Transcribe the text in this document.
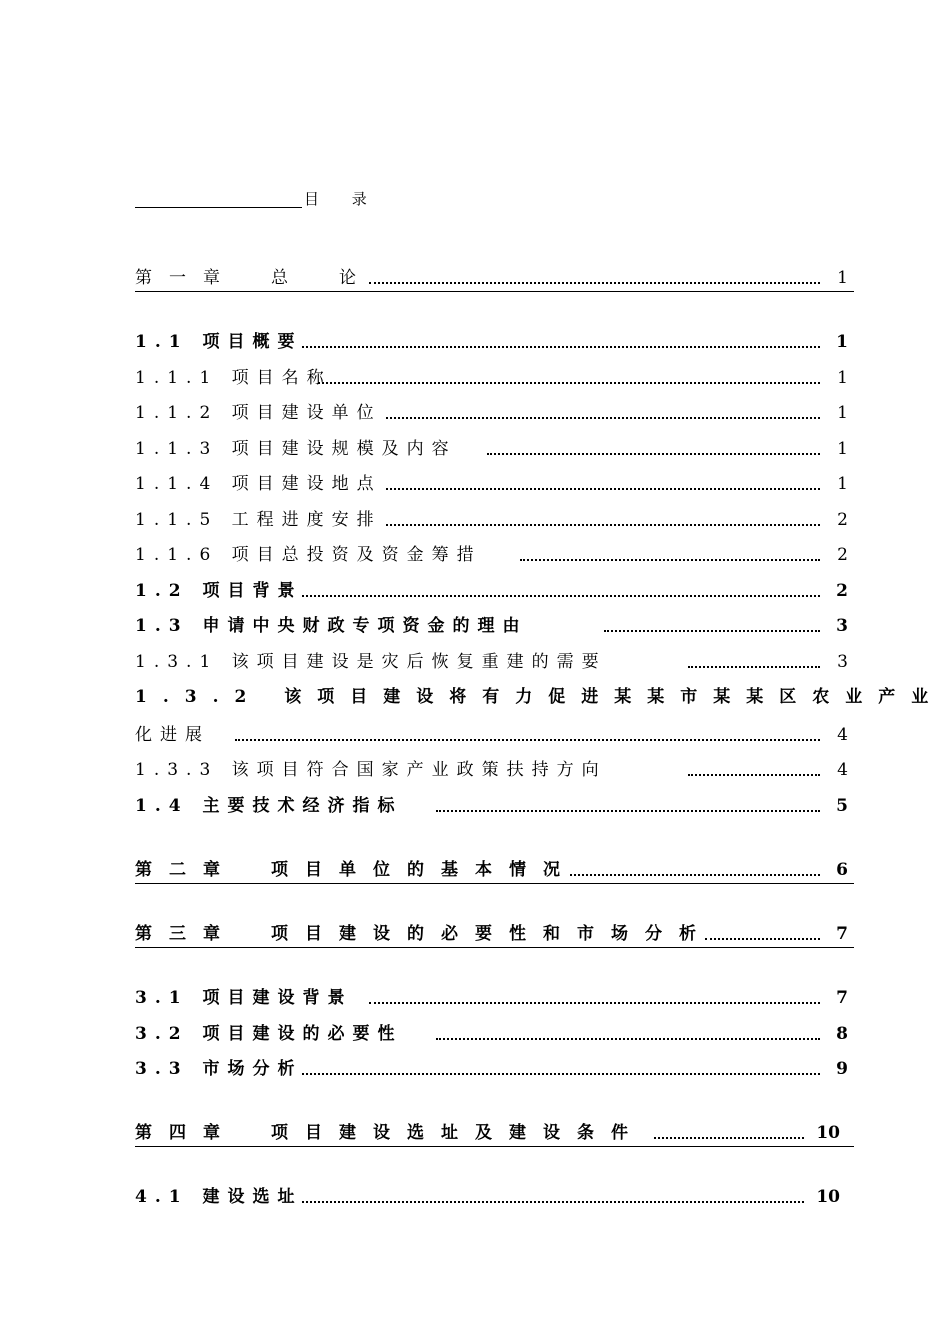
目 录
第一章　总　论	1
1.1 项目概要	1
1.1.1 项目名称	1
1.1.2 项目建设单位	1
1.1.3 项目建设规模及内容	1
1.1.4 项目建设地点	1
1.1.5 工程进度安排	2
1.1.6 项目总投资及资金筹措	2
1.2 项目背景	2
1.3 申请中央财政专项资金的理由	3
1.3.1 该项目建设是灾后恢复重建的需要	3
1.3.2 该项目建设将有力促进某某市某某区农业产业
化进展	4
1.3.3 该项目符合国家产业政策扶持方向	4
1.4 主要技术经济指标	5
第二章　项目单位的基本情况	6
第三章　项目建设的必要性和市场分析	7
3.1 项目建设背景	7
3.2 项目建设的必要性	8
3.3 市场分析	9
第四章　项目建设选址及建设条件	10
4.1 建设选址	10
